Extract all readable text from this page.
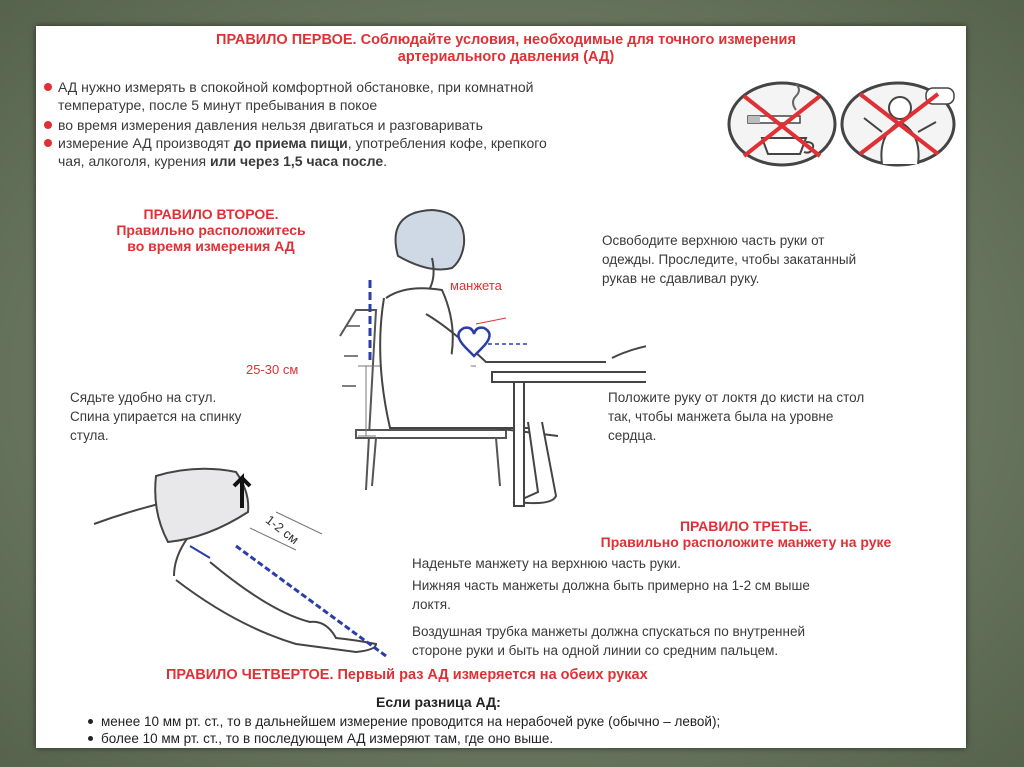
ПРАВИЛО ПЕРВОЕ. Соблюдайте условия, необходимые для точного измерения
артериального давления (АД)
АД нужно измерять в спокойной комфортной обстановке, при комнатной
температуре, после 5 минут пребывания в покое
во время измерения давления нельзя двигаться и разговаривать
измерение АД производят до приема пищи, употребления кофе, крепкого
чая, алкоголя, курения или через 1,5 часа после.
ПРАВИЛО ВТОРОЕ.
Правильно расположитесь
во время измерения АД	Освободите верхнюю часть руки от
одежды. Проследите, чтобы закатанный
рукав не сдавливал руку.
Сядьте удобно на стул.
Спина упирается на спинку
стула.
Положите руку от локтя до кисти на стол
так, чтобы манжета была на уровне
сердца.
манжета
25-30 см
1-2 см	ПРАВИЛО ТРЕТЬЕ.
Правильно расположите манжету на руке
Наденьте манжету на верхнюю часть руки.
Нижняя часть манжеты должна быть примерно на 1-2 см выше
локтя.
Воздушная трубка манжеты должна спускаться по внутренней
стороне руки и быть на одной линии со средним пальцем.
ПРАВИЛО ЧЕТВЕРТОЕ. Первый раз АД измеряется на обеих руках
Если разница АД:
менее 10 мм рт. ст., то в дальнейшем измерение проводится на нерабочей руке (обычно – левой);
более 10 мм рт. ст., то в последующем АД измеряют там, где оно выше.
